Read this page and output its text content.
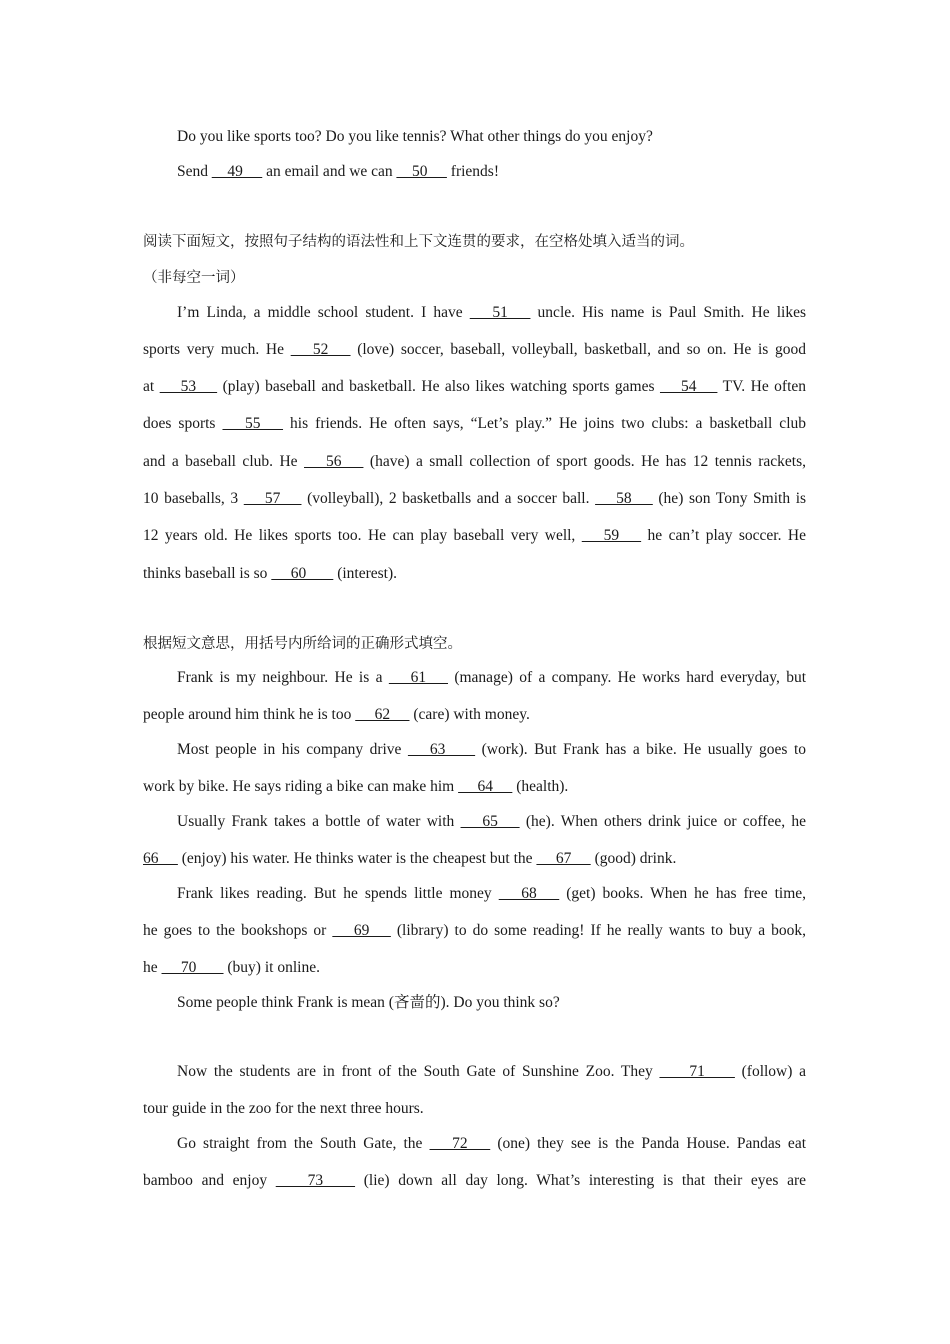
Do you like sports too? Do you like tennis? What other things do you enjoy?
Send __49__  an email and we can __50__  friends!
阅读下面短文，按照句子结构的语法性和上下文连贯的要求，在空格处填入适当的词。
（非每空一词）
I’m Linda, a middle school student. I have  __51__  uncle. His name is Paul Smith. He likes
sports very much. He  __52__  (love) soccer, baseball, volleyball, basketball, and so on. He is good
at  __53__  (play) baseball and basketball. He also likes watching sports games  __54__  TV. He often
does sports  __55__  his friends. He often says, “Let’s play.” He joins two clubs: a basketball club
and a baseball club. He  __56__  (have) a small collection of sport goods. He has 12 tennis rackets,
10 baseballs, 3  __57__  (volleyball), 2 basketballs and a soccer ball.  __58__  (he) son Tony Smith is
12 years old. He likes sports too. He can play baseball very well,  __59__  he can’t play soccer. He
thinks baseball is so  __60___  (interest).
根据短文意思，用括号内所给词的正确形式填空。
Frank is my neighbour. He is a  __61__  (manage) of a company. He works hard everyday, but
people around him think he is too  __62__  (care) with money.
Most people in his company drive  __63___  (work). But Frank has a bike. He usually goes to
work by bike. He says riding a bike can make him  __64__  (health).
Usually Frank takes a bottle of water with  __65__  (he). When others drink juice or coffee, he
66__  (enjoy) his water. He thinks water is the cheapest but the  __67__  (good) drink.
Frank likes reading. But he spends little money  __68__  (get) books. When he has free time,
he goes to the bookshops or  __69__  (library) to do some reading! If he really wants to buy a book,
he  __70___  (buy) it online.
Some people think Frank is mean (吝啬的). Do you think so?
Now the students are in front of the South Gate of Sunshine Zoo. They  ___71___  (follow) a
tour guide in the zoo for the next three hours.
Go straight from the South Gate, the  __72__  (one) they see is the Panda House. Pandas eat
bamboo and enjoy  ___73___  (lie) down all day long. What’s interesting is that their eyes are
